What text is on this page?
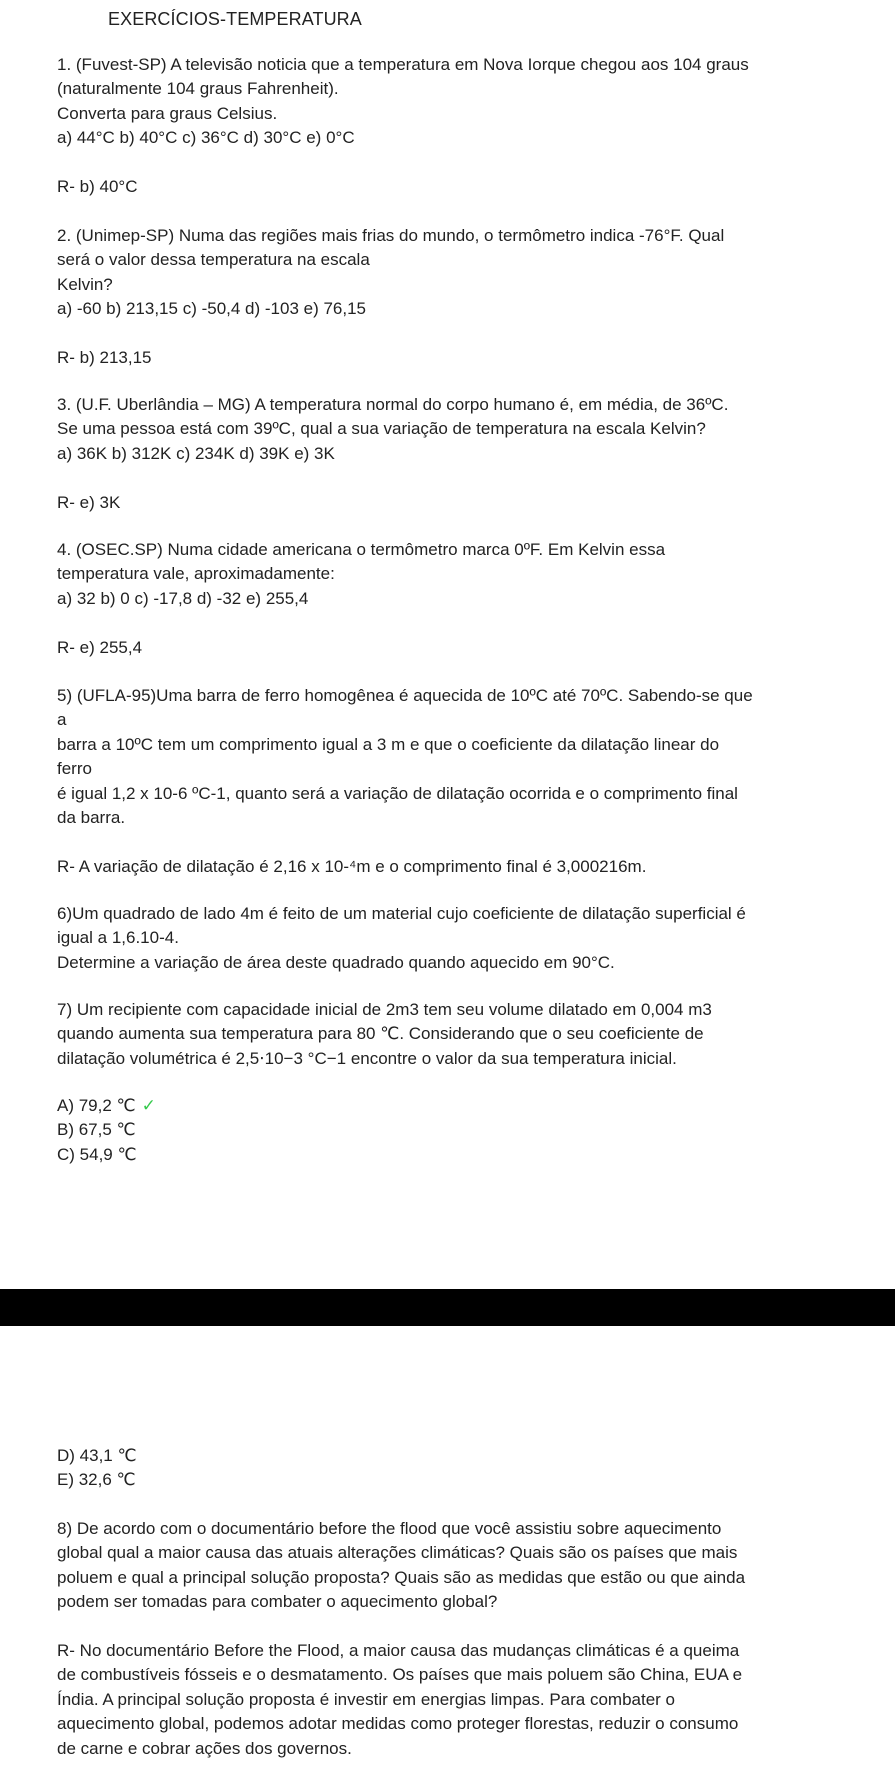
EXERCÍCIOS-TEMPERATURA
1. (Fuvest-SP) A televisão noticia que a temperatura em Nova Iorque chegou aos 104 graus
(naturalmente 104 graus Fahrenheit).
Converta para graus Celsius.
a) 44°C b) 40°C c) 36°C d) 30°C e) 0°C
R- b) 40°C
2. (Unimep-SP) Numa das regiões mais frias do mundo, o termômetro indica -76°F. Qual
será o valor dessa temperatura na escala
Kelvin?
a) -60 b) 213,15 c) -50,4 d) -103 e) 76,15
R- b) 213,15
3. (U.F. Uberlândia – MG) A temperatura normal do corpo humano é, em média, de 36ºC.
Se uma pessoa está com 39ºC, qual a sua variação de temperatura na escala Kelvin?
a) 36K b) 312K c) 234K d) 39K e) 3K
R- e) 3K
4. (OSEC.SP) Numa cidade americana o termômetro marca 0ºF. Em Kelvin essa
temperatura vale, aproximadamente:
a) 32 b) 0 c) -17,8 d) -32 e) 255,4
R- e) 255,4
5) (UFLA-95)Uma barra de ferro homogênea é aquecida de 10ºC até 70ºC. Sabendo-se que
a
barra a 10ºC tem um comprimento igual a 3 m e que o coeficiente da dilatação linear do
ferro
é igual 1,2 x 10-6 ºC-1, quanto será a variação de dilatação ocorrida e o comprimento final
da barra.
R- A variação de dilatação é 2,16 x 10-⁴m e o comprimento final é 3,000216m.
6)Um quadrado de lado 4m é feito de um material cujo coeficiente de dilatação superficial é
igual a 1,6.10-4.
Determine a variação de área deste quadrado quando aquecido em 90°C.
7) Um recipiente com capacidade inicial de 2m3 tem seu volume dilatado em 0,004 m3
quando aumenta sua temperatura para 80 ℃. Considerando que o seu coeficiente de
dilatação volumétrica é 2,5⋅10−3 °C−1 encontre o valor da sua temperatura inicial.
A) 79,2 ℃ ✓
B) 67,5 ℃
C) 54,9 ℃
D) 43,1 ℃
E) 32,6 ℃
8) De acordo com o documentário before the flood que você assistiu sobre aquecimento
global qual a maior causa das atuais alterações climáticas? Quais são os países que mais
poluem e qual a principal solução proposta? Quais são as medidas que estão ou que ainda
podem ser tomadas para combater o aquecimento global?
R- No documentário Before the Flood, a maior causa das mudanças climáticas é a queima
de combustíveis fósseis e o desmatamento. Os países que mais poluem são China, EUA e
Índia. A principal solução proposta é investir em energias limpas. Para combater o
aquecimento global, podemos adotar medidas como proteger florestas, reduzir o consumo
de carne e cobrar ações dos governos.
